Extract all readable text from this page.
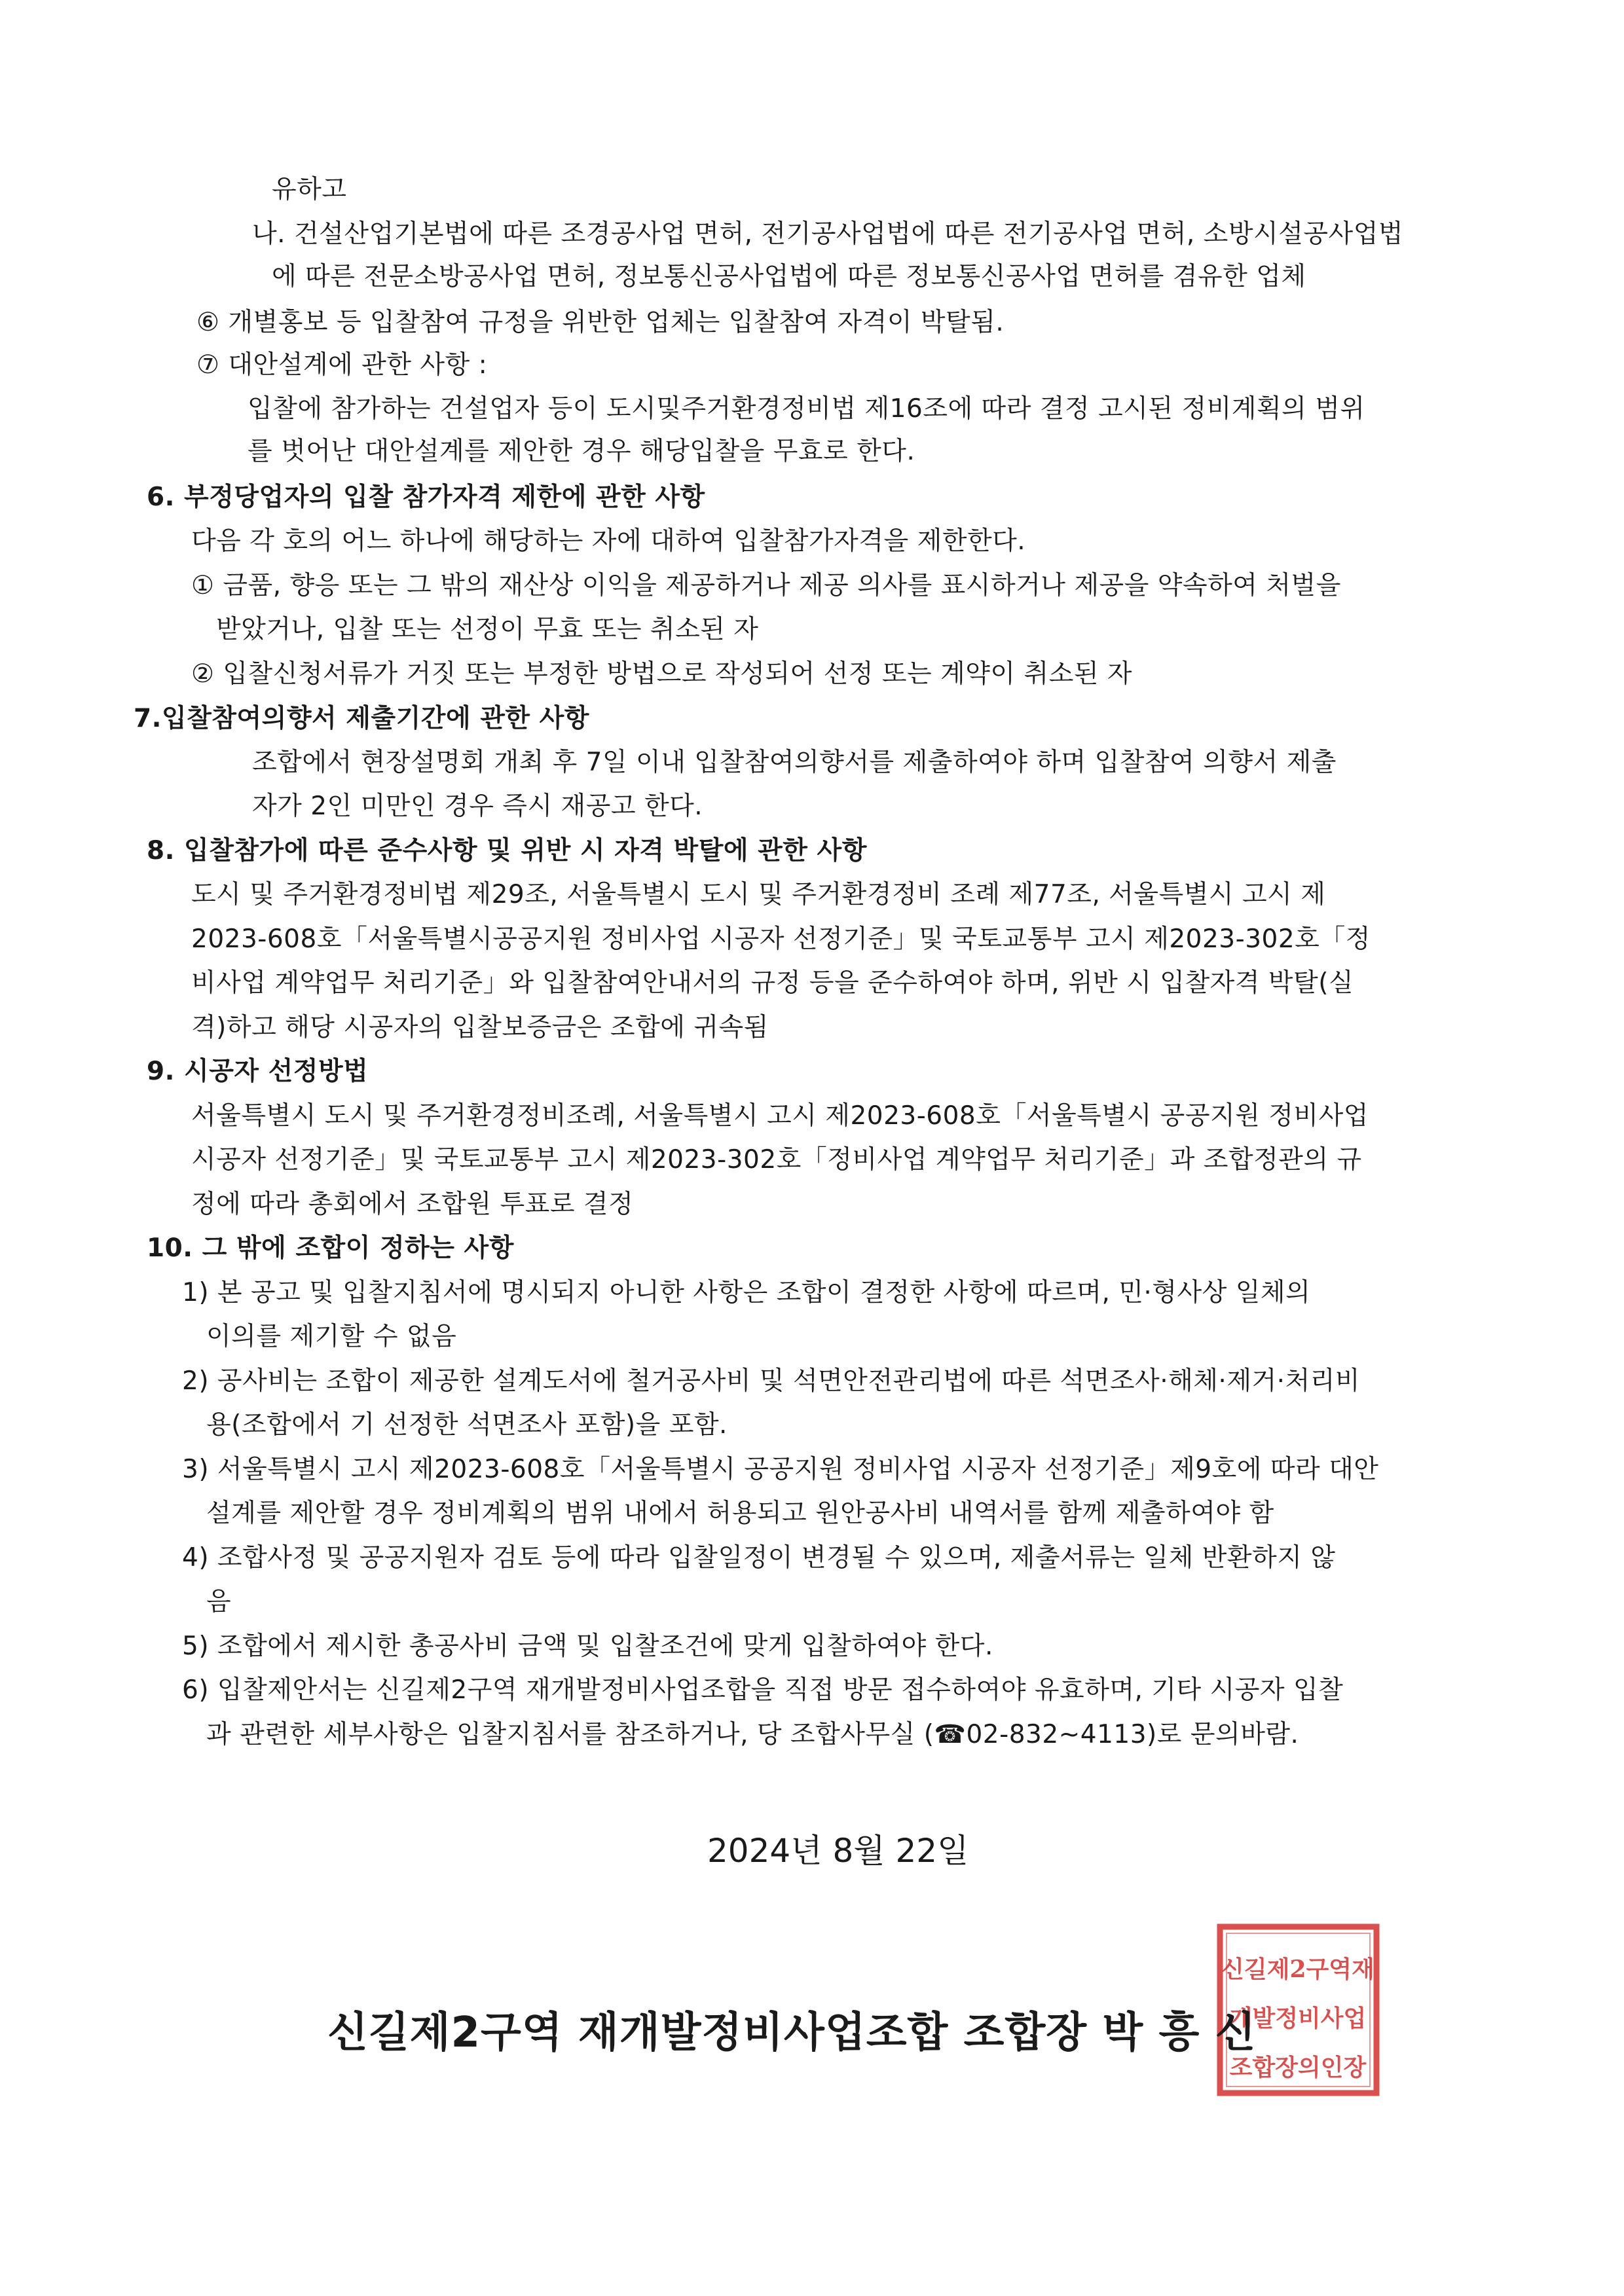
유하고
나. 건설산업기본법에 따른 조경공사업 면허, 전기공사업법에 따른 전기공사업 면허, 소방시설공사업법
에 따른 전문소방공사업 면허, 정보통신공사업법에 따른 정보통신공사업 면허를 겸유한 업체
⑥ 개별홍보 등 입찰참여 규정을 위반한 업체는 입찰참여 자격이 박탈됨.
⑦ 대안설계에 관한 사항 :
입찰에 참가하는 건설업자 등이 도시및주거환경정비법 제16조에 따라 결정 고시된 정비계획의 범위
를 벗어난 대안설계를 제안한 경우 해당입찰을 무효로 한다.
6. 부정당업자의 입찰 참가자격 제한에 관한 사항
다음 각 호의 어느 하나에 해당하는 자에 대하여 입찰참가자격을 제한한다.
① 금품, 향응 또는 그 밖의 재산상 이익을 제공하거나 제공 의사를 표시하거나 제공을 약속하여 처벌을
받았거나, 입찰 또는 선정이 무효 또는 취소된 자
② 입찰신청서류가 거짓 또는 부정한 방법으로 작성되어 선정 또는 계약이 취소된 자
7.입찰참여의향서 제출기간에 관한 사항
조합에서 현장설명회 개최 후 7일 이내 입찰참여의향서를 제출하여야 하며 입찰참여 의향서 제출
자가 2인 미만인 경우 즉시 재공고 한다.
8. 입찰참가에 따른 준수사항 및 위반 시 자격 박탈에 관한 사항
도시 및 주거환경정비법 제29조, 서울특별시 도시 및 주거환경정비 조례 제77조, 서울특별시 고시 제
2023-608호「서울특별시공공지원 정비사업 시공자 선정기준」및 국토교통부 고시 제2023-302호「정
비사업 계약업무 처리기준」와 입찰참여안내서의 규정 등을 준수하여야 하며, 위반 시 입찰자격 박탈(실
격)하고 해당 시공자의 입찰보증금은 조합에 귀속됨
9. 시공자 선정방법
서울특별시 도시 및 주거환경정비조례, 서울특별시 고시 제2023-608호「서울특별시 공공지원 정비사업
시공자 선정기준」및 국토교통부 고시 제2023-302호「정비사업 계약업무 처리기준」과 조합정관의 규
정에 따라 총회에서 조합원 투표로 결정
10. 그 밖에 조합이 정하는 사항
1) 본 공고 및 입찰지침서에 명시되지 아니한 사항은 조합이 결정한 사항에 따르며, 민·형사상 일체의
이의를 제기할 수 없음
2) 공사비는 조합이 제공한 설계도서에 철거공사비 및 석면안전관리법에 따른 석면조사·해체·제거·처리비
용(조합에서 기 선정한 석면조사 포함)을 포함.
3) 서울특별시 고시 제2023-608호「서울특별시 공공지원 정비사업 시공자 선정기준」제9호에 따라 대안
설계를 제안할 경우 정비계획의 범위 내에서 허용되고 원안공사비 내역서를 함께 제출하여야 함
4) 조합사정 및 공공지원자 검토 등에 따라 입찰일정이 변경될 수 있으며, 제출서류는 일체 반환하지 않
음
5) 조합에서 제시한 총공사비 금액 및 입찰조건에 맞게 입찰하여야 한다.
6) 입찰제안서는 신길제2구역 재개발정비사업조합을 직접 방문 접수하여야 유효하며, 기타 시공자 입찰
과 관련한 세부사항은 입찰지침서를 참조하거나, 당 조합사무실 (☎02-832~4113)로 문의바람.
2024년 8월 22일
신길제2구역재
개발정비사업
조합장의인장
신길제2구역 재개발정비사업조합 조합장 박 흥 신
